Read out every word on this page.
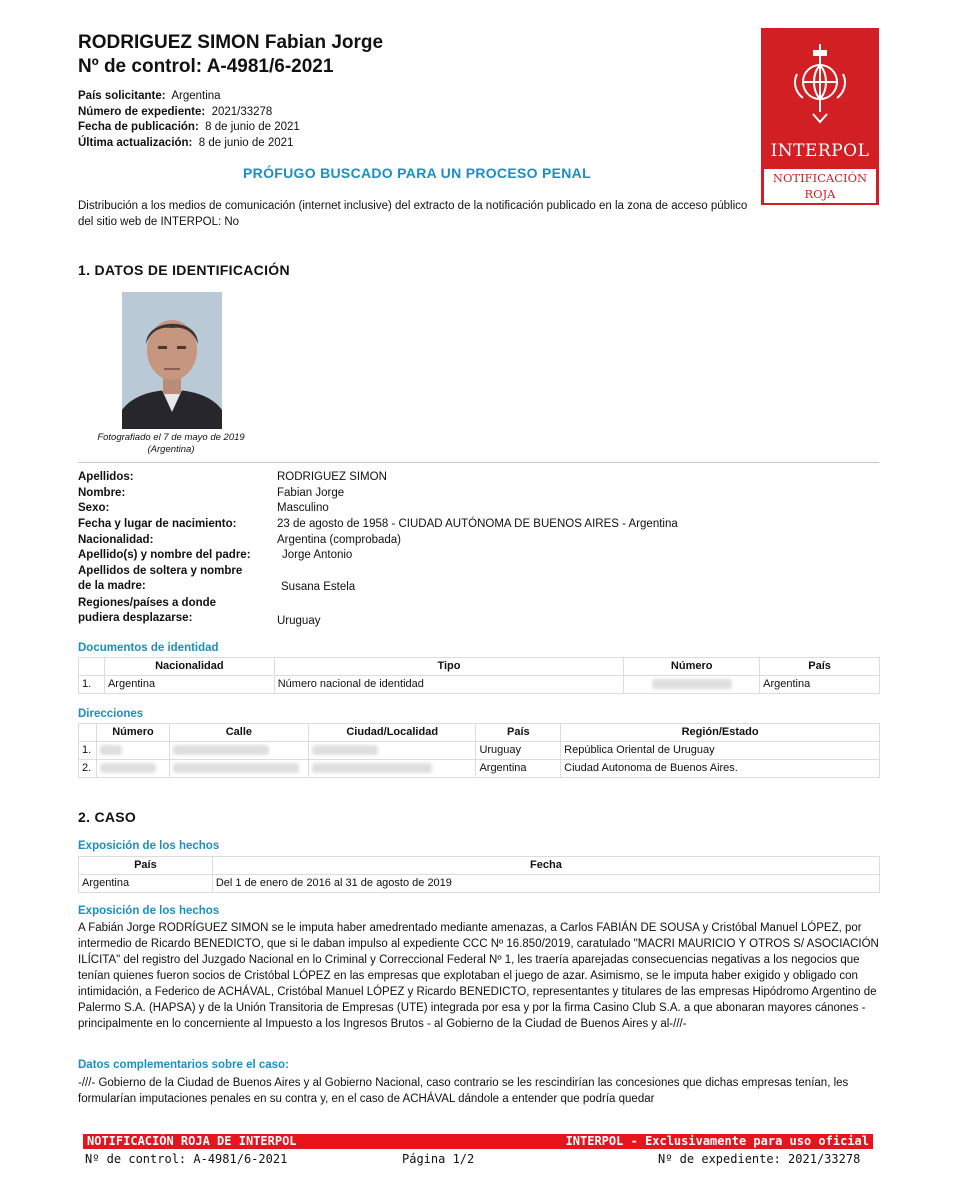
RODRIGUEZ SIMON Fabian Jorge
Nº de control: A-4981/6-2021
País solicitante: Argentina
Número de expediente: 2021/33278
Fecha de publicación: 8 de junio de 2021
Última actualización: 8 de junio de 2021	INTERPOL
NOTIFICACIÓN
ROJA
PRÓFUGO BUSCADO PARA UN PROCESO PENAL
Distribución a los medios de comunicación (internet inclusive) del extracto de la notificación publicado en la zona de acceso público del sitio web de INTERPOL: No
1. DATOS DE IDENTIFICACIÓN
Fotografiado el 7 de mayo de 2019
(Argentina)
Apellidos:	RODRIGUEZ SIMON
Nombre:	Fabian Jorge
Sexo:	Masculino
Fecha y lugar de nacimiento:	23 de agosto de 1958 - CIUDAD AUTÓNOMA DE BUENOS AIRES - Argentina
Nacionalidad:	Argentina (comprobada)
Apellido(s) y nombre del padre:	Jorge Antonio
Apellidos de soltera y nombre
de la madre:	Susana Estela
Regiones/países a donde
pudiera desplazarse:	Uruguay
Documentos de identidad
	Nacionalidad	Tipo	Número	País
1.	Argentina	Número nacional de identidad		Argentina
Direcciones
	Número	Calle	Ciudad/Localidad	País	Región/Estado
1.				Uruguay	República Oriental de Uruguay
2.				Argentina	Ciudad Autonoma de Buenos Aires.
2. CASO
Exposición de los hechos
País	Fecha
Argentina	Del 1 de enero de 2016 al 31 de agosto de 2019
Exposición de los hechos
A Fabián Jorge RODRÍGUEZ SIMON se le imputa haber amedrentado mediante amenazas, a Carlos FABIÁN DE SOUSA y Cristóbal Manuel LÓPEZ, por intermedio de Ricardo BENEDICTO, que si le daban impulso al expediente CCC Nº 16.850/2019, caratulado "MACRI MAURICIO Y OTROS S/ ASOCIACIÓN ILÍCITA" del registro del Juzgado Nacional en lo Criminal y Correccional Federal Nº 1, les traería aparejadas consecuencias negativas a los negocios que tenían quienes fueron socios de Cristóbal LÓPEZ en las empresas que explotaban el juego de azar. Asimismo, se le imputa haber exigido y obligado con intimidación, a Federico de ACHÁVAL, Cristóbal Manuel LÓPEZ y Ricardo BENEDICTO, representantes y titulares de las empresas Hipódromo Argentino de Palermo S.A. (HAPSA) y de la Unión Transitoria de Empresas (UTE) integrada por esa y por la firma Casino Club S.A. a que abonaran mayores cánones - principalmente en lo concerniente al Impuesto a los Ingresos Brutos - al Gobierno de la Ciudad de Buenos Aires y al-///-
Datos complementarios sobre el caso:
-///- Gobierno de la Ciudad de Buenos Aires y al Gobierno Nacional, caso contrario se les rescindirían las concesiones que dichas empresas tenían, les formularían imputaciones penales en su contra y, en el caso de ACHÁVAL dándole a entender que podría quedar
NOTIFICACIÓN ROJA DE INTERPOL	INTERPOL - Exclusivamente para uso oficial
Nº de control: A-4981/6-2021	Página 1/2	Nº de expediente: 2021/33278
